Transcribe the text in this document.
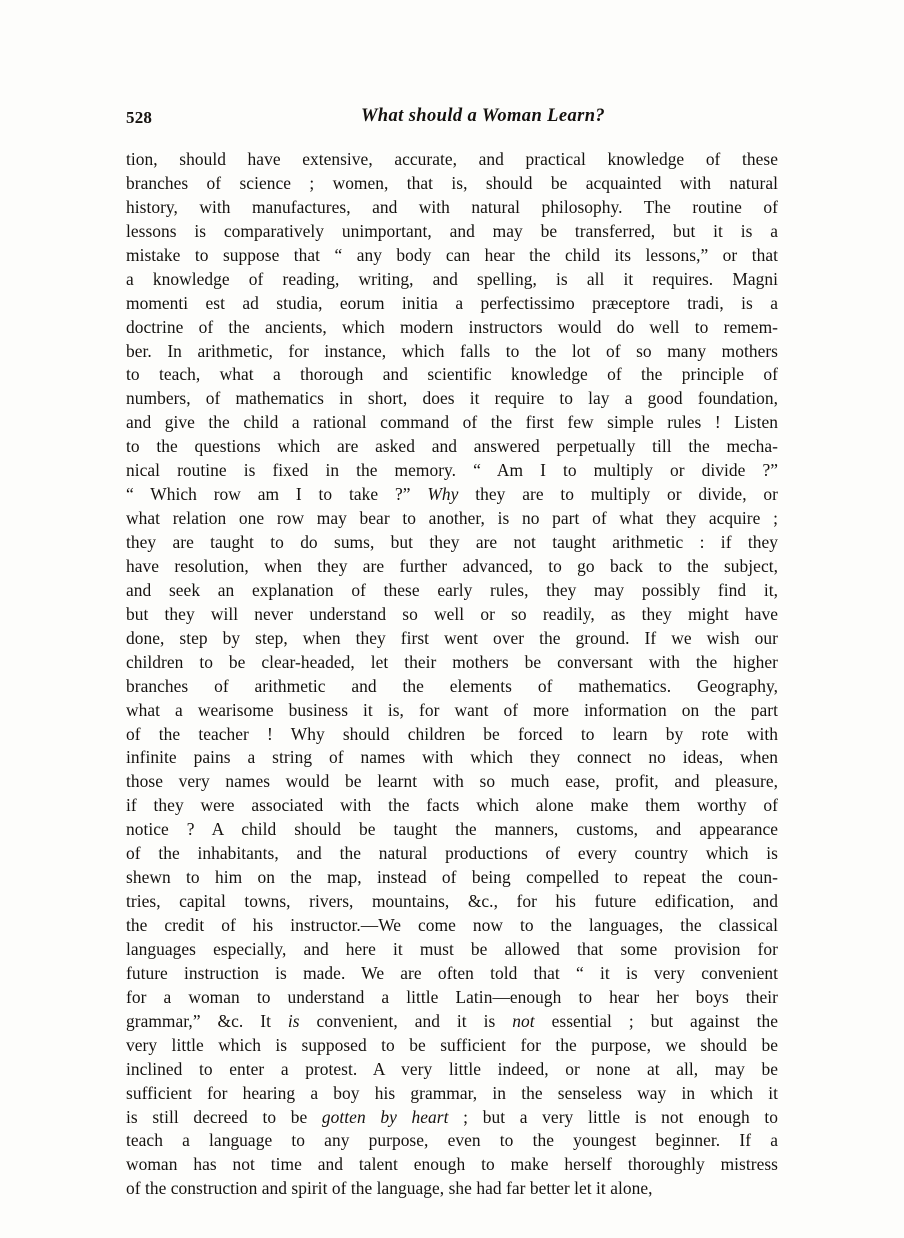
528	What should a Woman Learn?
tion, should have extensive, accurate, and practical knowledge of these
branches of science ; women, that is, should be acquainted with natural
history, with manufactures, and with natural philosophy. The routine of
lessons is comparatively unimportant, and may be transferred, but it is a
mistake to suppose that “ any body can hear the child its lessons,” or that
a knowledge of reading, writing, and spelling, is all it requires. Magni
momenti est ad studia, eorum initia a perfectissimo præceptore tradi, is a
doctrine of the ancients, which modern instructors would do well to remem-
ber. In arithmetic, for instance, which falls to the lot of so many mothers
to teach, what a thorough and scientific knowledge of the principle of
numbers, of mathematics in short, does it require to lay a good foundation,
and give the child a rational command of the first few simple rules ! Listen
to the questions which are asked and answered perpetually till the mecha-
nical routine is fixed in the memory. “ Am I to multiply or divide ?”
“ Which row am I to take ?” Why they are to multiply or divide, or
what relation one row may bear to another, is no part of what they acquire ;
they are taught to do sums, but they are not taught arithmetic : if they
have resolution, when they are further advanced, to go back to the subject,
and seek an explanation of these early rules, they may possibly find it,
but they will never understand so well or so readily, as they might have
done, step by step, when they first went over the ground. If we wish our
children to be clear-headed, let their mothers be conversant with the higher
branches of arithmetic and the elements of mathematics. Geography,
what a wearisome business it is, for want of more information on the part
of the teacher ! Why should children be forced to learn by rote with
infinite pains a string of names with which they connect no ideas, when
those very names would be learnt with so much ease, profit, and pleasure,
if they were associated with the facts which alone make them worthy of
notice ? A child should be taught the manners, customs, and appearance
of the inhabitants, and the natural productions of every country which is
shewn to him on the map, instead of being compelled to repeat the coun-
tries, capital towns, rivers, mountains, &c., for his future edification, and
the credit of his instructor.—We come now to the languages, the classical
languages especially, and here it must be allowed that some provision for
future instruction is made. We are often told that “ it is very convenient
for a woman to understand a little Latin—enough to hear her boys their
grammar,” &c. It is convenient, and it is not essential ; but against the
very little which is supposed to be sufficient for the purpose, we should be
inclined to enter a protest. A very little indeed, or none at all, may be
sufficient for hearing a boy his grammar, in the senseless way in which it
is still decreed to be gotten by heart ; but a very little is not enough to
teach a language to any purpose, even to the youngest beginner. If a
woman has not time and talent enough to make herself thoroughly mistress
of the construction and spirit of the language, she had far better let it alone,
